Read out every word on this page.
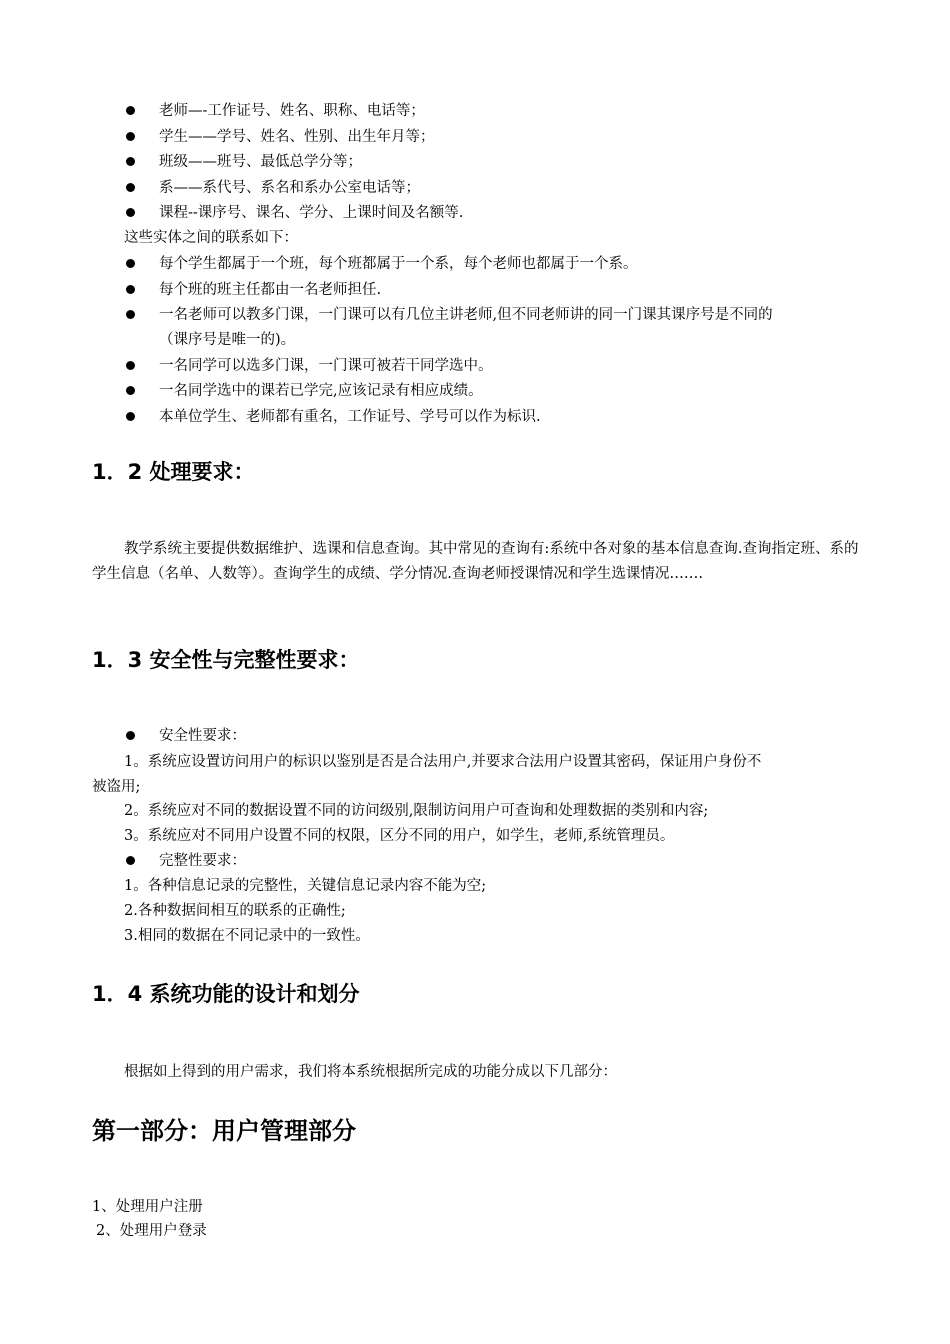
老师—-工作证号、姓名、职称、电话等；
学生——学号、姓名、性别、出生年月等；
班级——班号、最低总学分等；
系——系代号、系名和系办公室电话等；
课程--课序号、课名、学分、上课时间及名额等.
这些实体之间的联系如下：
每个学生都属于一个班，每个班都属于一个系，每个老师也都属于一个系。
每个班的班主任都由一名老师担任.
一名老师可以教多门课，一门课可以有几位主讲老师,但不同老师讲的同一门课其课序号是不同的
（课序号是唯一的)。
一名同学可以选多门课，一门课可被若干同学选中。
一名同学选中的课若已学完,应该记录有相应成绩。
本单位学生、老师都有重名，工作证号、学号可以作为标识.
1．2 处理要求：
教学系统主要提供数据维护、选课和信息查询。其中常见的查询有:系统中各对象的基本信息查询.查询指定班、系的学生信息（名单、人数等）。查询学生的成绩、学分情况.查询老师授课情况和学生选课情况…….
1．3 安全性与完整性要求：
安全性要求：
1。系统应设置访问用户的标识以鉴别是否是合法用户,并要求合法用户设置其密码，保证用户身份不
被盗用;
2。系统应对不同的数据设置不同的访问级别,限制访问用户可查询和处理数据的类别和内容;
3。系统应对不同用户设置不同的权限，区分不同的用户，如学生，老师,系统管理员。
完整性要求：
1。各种信息记录的完整性，关键信息记录内容不能为空;
2.各种数据间相互的联系的正确性;
3.相同的数据在不同记录中的一致性。
1．4 系统功能的设计和划分
根据如上得到的用户需求，我们将本系统根据所完成的功能分成以下几部分：
第一部分：用户管理部分
1、处理用户注册
2、处理用户登录
